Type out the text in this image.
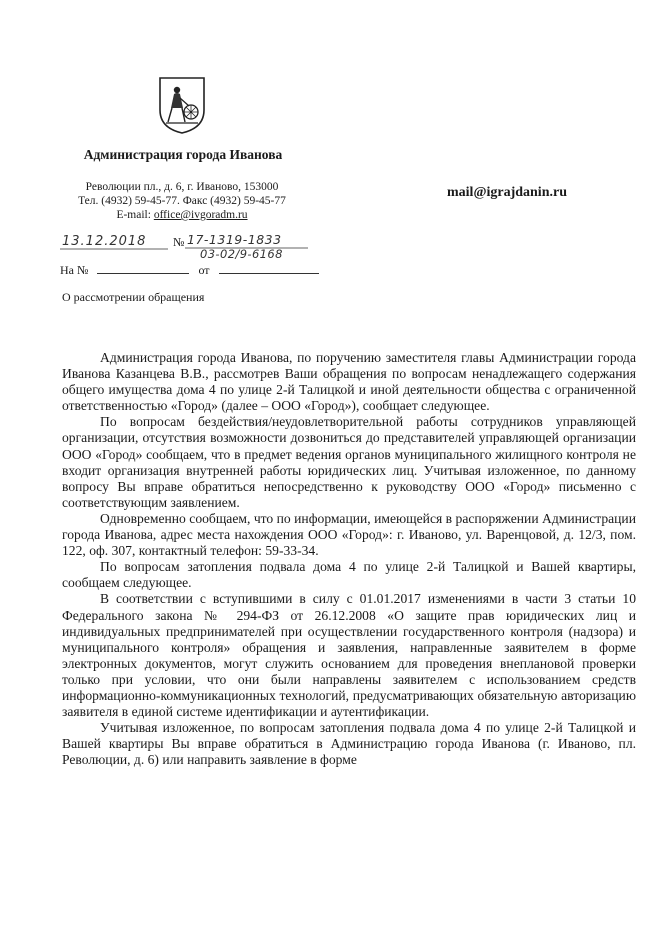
Администрация города Иванова
Революции пл., д. 6, г. Иваново, 153000
Тел. (4932) 59-45-77. Факс (4932) 59-45-77
E-mail: office@ivgoradm.ru
mail@igrajdanin.ru
13.12.2018 № 17-1319-1833
03-02/9-6168
На №	от
О рассмотрении обращения

Администрация города Иванова, по поручению заместителя главы Администрации города Иванова Казанцева В.В., рассмотрев Ваши обращения по вопросам ненадлежащего содержания общего имущества дома 4 по улице 2-й Талицкой и иной деятельности общества с ограниченной ответственностью «Город» (далее – ООО «Город»), сообщает следующее.

По вопросам бездействия/неудовлетворительной работы сотрудников управляющей организации, отсутствия возможности дозвониться до представителей управляющей организации ООО «Город» сообщаем, что в предмет ведения органов муниципального жилищного контроля не входит организация внутренней работы юридических лиц. Учитывая изложенное, по данному вопросу Вы вправе обратиться непосредственно к руководству ООО «Город» письменно с соответствующим заявлением.

Одновременно сообщаем, что по информации, имеющейся в распоряжении Администрации города Иванова, адрес места нахождения ООО «Город»: г. Иваново, ул. Варенцовой, д. 12/3, пом. 122, оф. 307, контактный телефон: 59-33-34.

По вопросам затопления подвала дома 4 по улице 2-й Талицкой и Вашей квартиры, сообщаем следующее.

В соответствии с вступившими в силу с 01.01.2017 изменениями в части 3 статьи 10 Федерального закона № 294-ФЗ от 26.12.2008 «О защите прав юридических лиц и индивидуальных предпринимателей при осуществлении государственного контроля (надзора) и муниципального контроля» обращения и заявления, направленные заявителем в форме электронных документов, могут служить основанием для проведения внеплановой проверки только при условии, что они были направлены заявителем с использованием средств информационно-коммуникационных технологий, предусматривающих обязательную авторизацию заявителя в единой системе идентификации и аутентификации.

Учитывая изложенное, по вопросам затопления подвала дома 4 по улице 2-й Талицкой и Вашей квартиры Вы вправе обратиться в Администрацию города Иванова (г. Иваново, пл. Революции, д. 6) или направить заявление в форме
